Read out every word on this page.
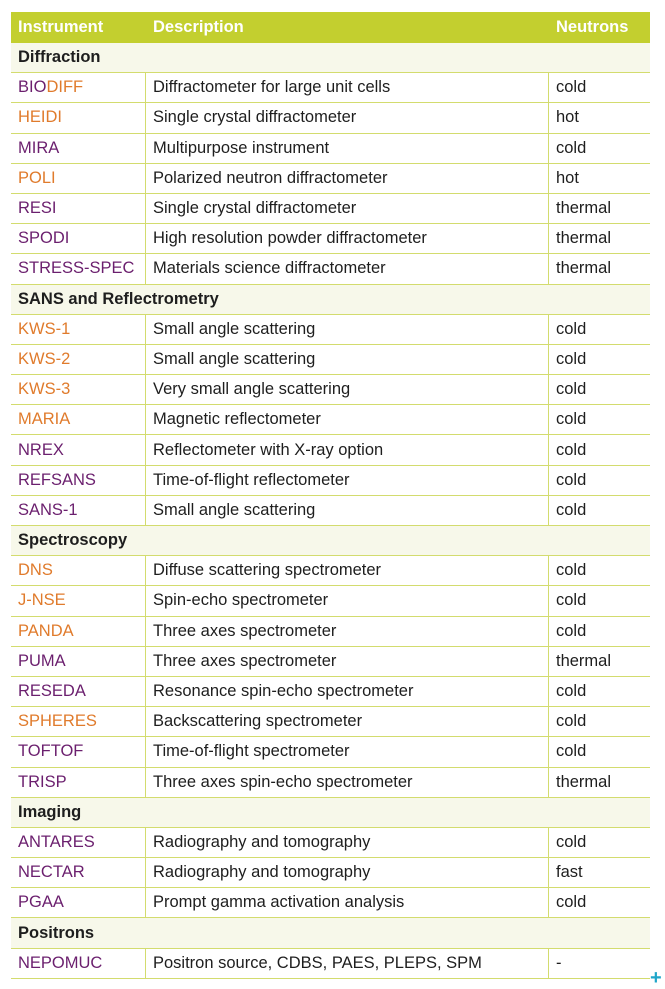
Instrument	Description	Neutrons
Diffraction
BIO DIFF	Diffractometer for large unit cells	cold
HEIDI	Single crystal diffractometer	hot
MIRA	Multipurpose instrument	cold
POLI	Polarized neutron diffractometer	hot
RESI	Single crystal diffractometer	thermal
SPODI	High resolution powder diffractometer	thermal
STRESS-SPEC	Materials science diffractometer	thermal
SANS and Reflectrometry
KWS-1	Small angle scattering	cold
KWS-2	Small angle scattering	cold
KWS-3	Very small angle scattering	cold
MARIA	Magnetic reflectometer	cold
NREX	Reflectometer with X-ray option	cold
REFSANS	Time-of-flight reflectometer	cold
SANS-1	Small angle scattering	cold
Spectroscopy
DNS	Diffuse scattering spectrometer	cold
J-NSE	Spin-echo spectrometer	cold
PANDA	Three axes spectrometer	cold
PUMA	Three axes spectrometer	thermal
RESEDA	Resonance spin-echo spectrometer	cold
SPHERES	Backscattering spectrometer	cold
TOFTOF	Time-of-flight spectrometer	cold
TRISP	Three axes spin-echo spectrometer	thermal
Imaging
ANTARES	Radiography and tomography	cold
NECTAR	Radiography and tomography	fast
PGAA	Prompt gamma activation analysis	cold
Positrons
NEPOMUC	Positron source, CDBS, PAES, PLEPS, SPM	-
+
